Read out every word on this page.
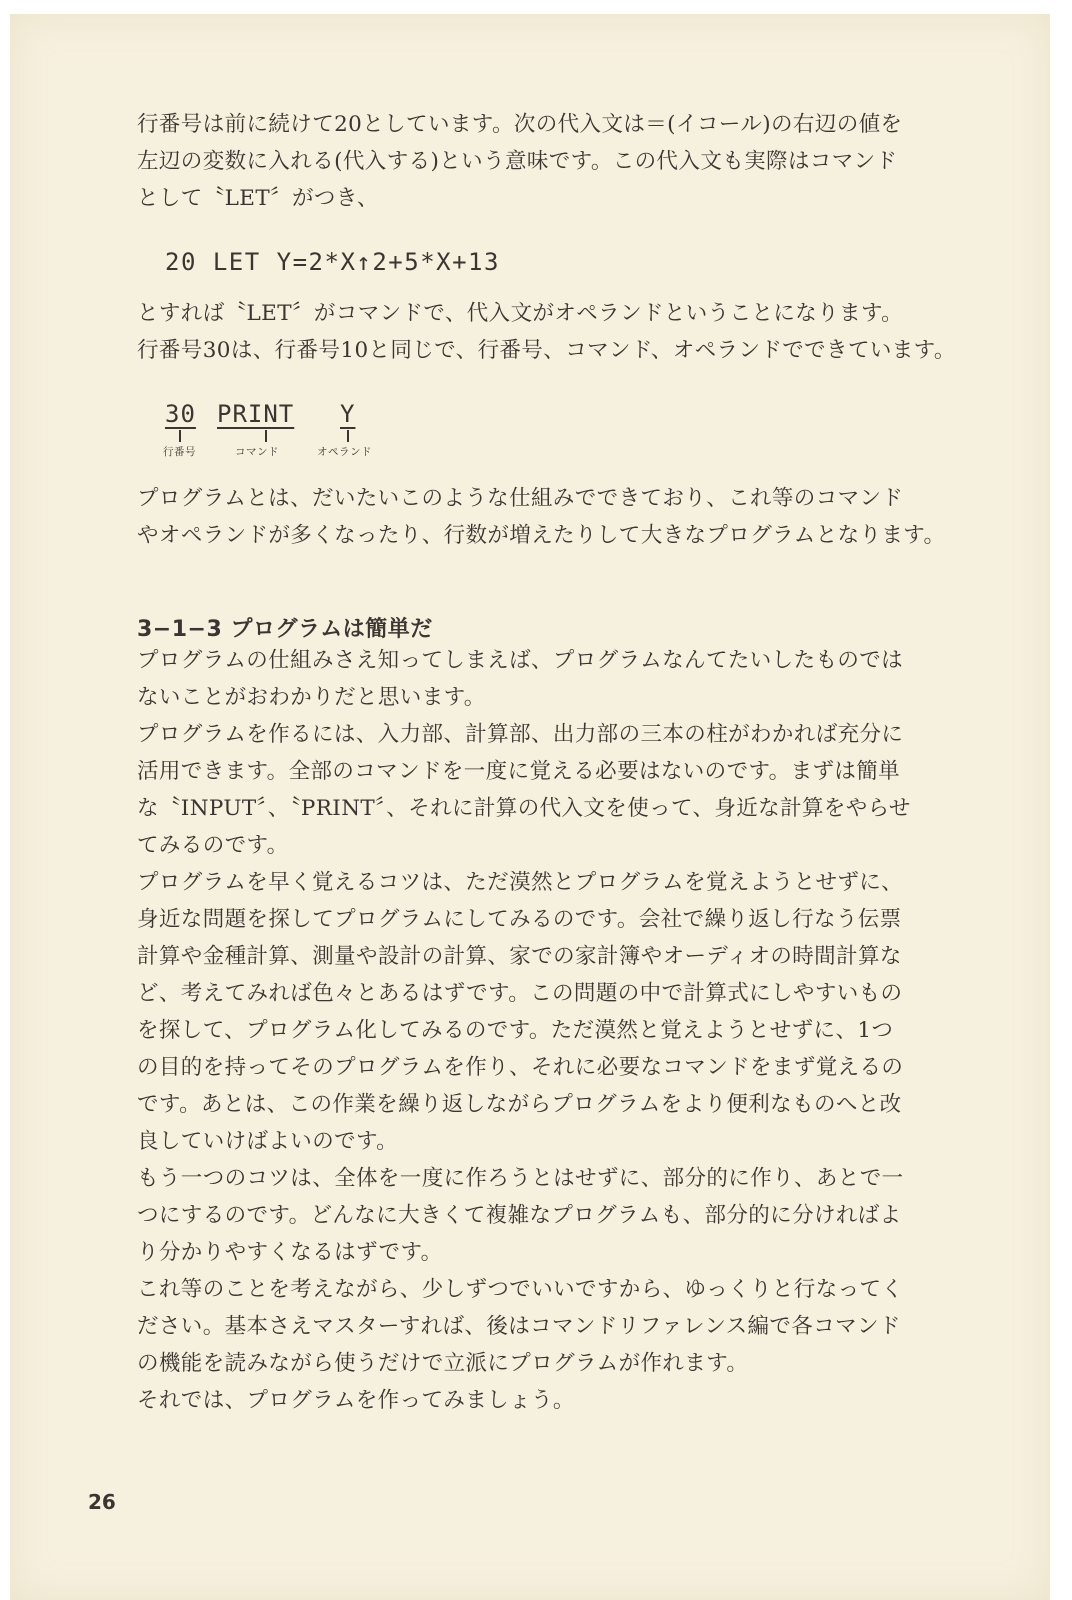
行番号は前に続けて20としています。次の代入文は＝(イコール)の右辺の値を
左辺の変数に入れる(代入する)という意味です。この代入文も実際はコマンド
として〝LET〞がつき、
20 LET Y=2*X↑2+5*X+13
とすれば〝LET〞がコマンドで、代入文がオペランドということになります。
行番号30は、行番号10と同じで、行番号、コマンド、オペランドでできています。
30 PRINT Y
行番号	コマンド	オペランド
プログラムとは、だいたいこのような仕組みでできており、これ等のコマンド
やオペランドが多くなったり、行数が増えたりして大きなプログラムとなります。
3−1−3 プログラムは簡単だ
プログラムの仕組みさえ知ってしまえば、プログラムなんてたいしたものでは
ないことがおわかりだと思います。
プログラムを作るには、入力部、計算部、出力部の三本の柱がわかれば充分に
活用できます。全部のコマンドを一度に覚える必要はないのです。まずは簡単
な〝INPUT〞、〝PRINT〞、それに計算の代入文を使って、身近な計算をやらせ
てみるのです。
プログラムを早く覚えるコツは、ただ漠然とプログラムを覚えようとせずに、
身近な問題を探してプログラムにしてみるのです。会社で繰り返し行なう伝票
計算や金種計算、測量や設計の計算、家での家計簿やオーディオの時間計算な
ど、考えてみれば色々とあるはずです。この問題の中で計算式にしやすいもの
を探して、プログラム化してみるのです。ただ漠然と覚えようとせずに、1つ
の目的を持ってそのプログラムを作り、それに必要なコマンドをまず覚えるの
です。あとは、この作業を繰り返しながらプログラムをより便利なものへと改
良していけばよいのです。
もう一つのコツは、全体を一度に作ろうとはせずに、部分的に作り、あとで一
つにするのです。どんなに大きくて複雑なプログラムも、部分的に分ければよ
り分かりやすくなるはずです。
これ等のことを考えながら、少しずつでいいですから、ゆっくりと行なってく
ださい。基本さえマスターすれば、後はコマンドリファレンス編で各コマンド
の機能を読みながら使うだけで立派にプログラムが作れます。
それでは、プログラムを作ってみましょう。
26
